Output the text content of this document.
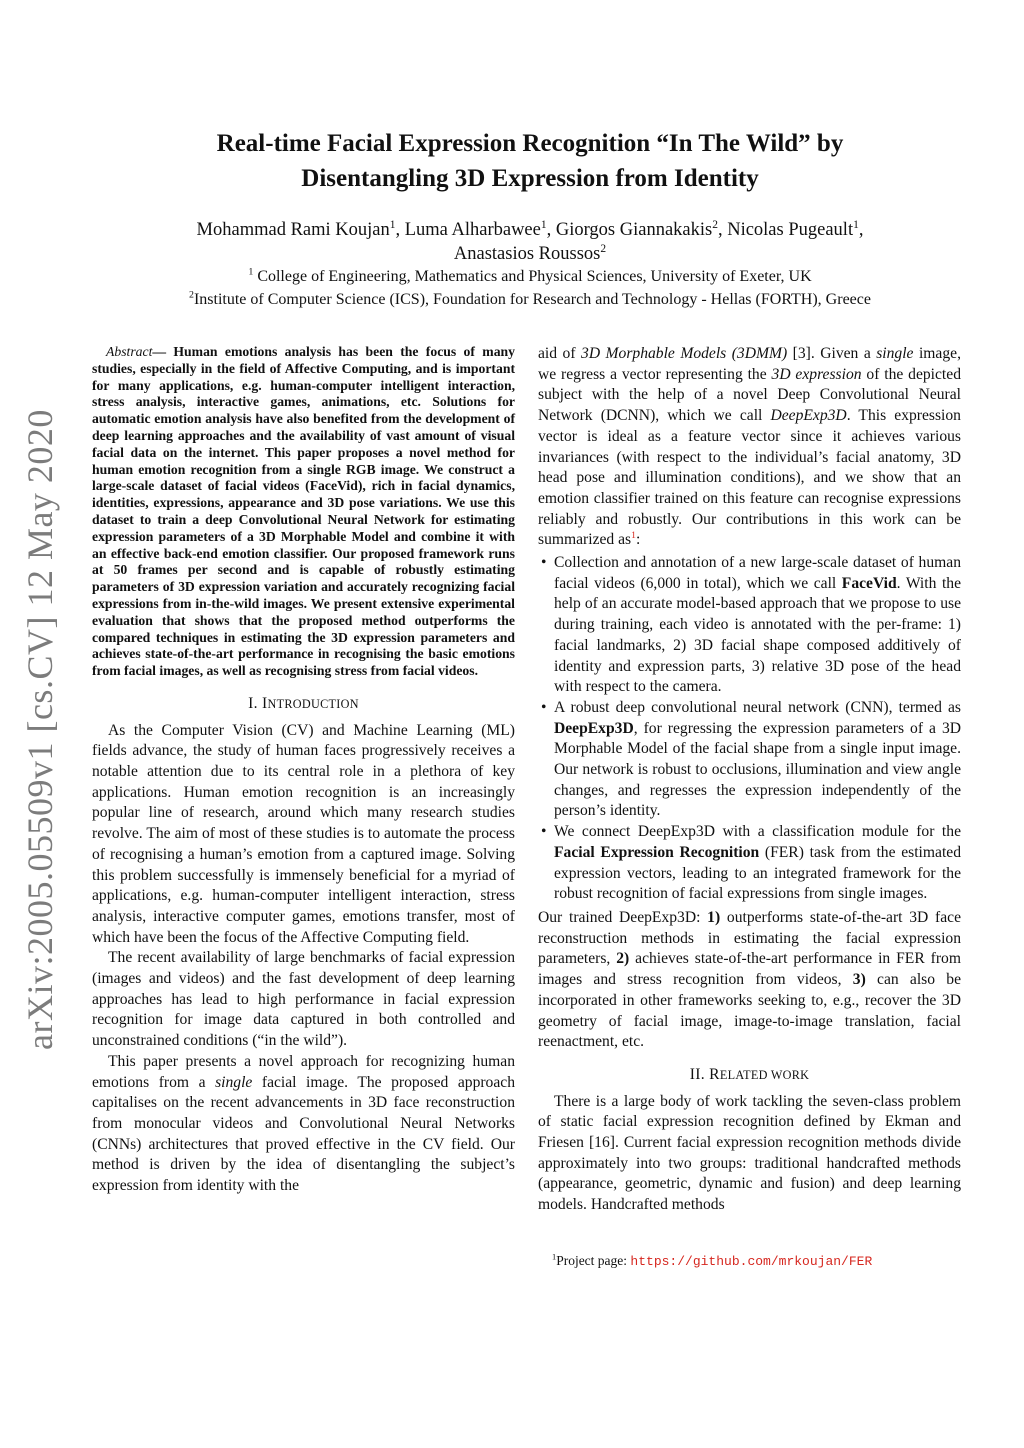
Real-time Facial Expression Recognition “In The Wild” by
Disentangling 3D Expression from Identity
Mohammad Rami Koujan$^1$, Luma Alharbawee$^1$, Giorgos Giannakakis$^2$, Nicolas Pugeault$^1$,
Anastasios Roussos$^2$
$^1$ College of Engineering, Mathematics and Physical Sciences, University of Exeter, UK
$^2$Institute of Computer Science (ICS), Foundation for Research and Technology - Hellas (FORTH), Greece
arXiv:2005.05509v1 [cs.CV] 12 May 2020

Abstract— Human emotions analysis has been the focus of many studies, especially in the field of Affective Computing, and is important for many applications, e.g. human-computer intelligent interaction, stress analysis, interactive games, animations, etc. Solutions for automatic emotion analysis have also benefited from the development of deep learning approaches and the availability of vast amount of visual facial data on the internet. This paper proposes a novel method for human emotion recognition from a single RGB image. We construct a large-scale dataset of facial videos (FaceVid), rich in facial dynamics, identities, expressions, appearance and 3D pose variations. We use this dataset to train a deep Convolutional Neural Network for estimating expression parameters of a 3D Morphable Model and combine it with an effective back-end emotion classifier. Our proposed framework runs at 50 frames per second and is capable of robustly estimating parameters of 3D expression variation and accurately recognizing facial expressions from in-the-wild images. We present extensive experimental evaluation that shows that the proposed method outperforms the compared techniques in estimating the 3D expression parameters and achieves state-of-the-art performance in recognising the basic emotions from facial images, as well as recognising stress from facial videos.

I. INTRODUCTION

As the Computer Vision (CV) and Machine Learning (ML) fields advance, the study of human faces progressively receives a notable attention due to its central role in a plethora of key applications. Human emotion recognition is an increasingly popular line of research, around which many research studies revolve. The aim of most of these studies is to automate the process of recognising a human’s emotion from a captured image. Solving this problem successfully is immensely beneficial for a myriad of applications, e.g. human-computer intelligent interaction, stress analysis, interactive computer games, emotions transfer, most of which have been the focus of the Affective Computing field.

The recent availability of large benchmarks of facial expression (images and videos) and the fast development of deep learning approaches has lead to high performance in facial expression recognition for image data captured in both controlled and unconstrained conditions (“in the wild”).

This paper presents a novel approach for recognizing human emotions from a single facial image. The proposed approach capitalises on the recent advancements in 3D face reconstruction from monocular videos and Convolutional Neural Networks (CNNs) architectures that proved effective in the CV field. Our method is driven by the idea of disentangling the subject’s expression from identity with the

aid of 3D Morphable Models (3DMM) [3]. Given a single image, we regress a vector representing the 3D expression of the depicted subject with the help of a novel Deep Convolutional Neural Network (DCNN), which we call DeepExp3D. This expression vector is ideal as a feature vector since it achieves various invariances (with respect to the individual’s facial anatomy, 3D head pose and illumination conditions), and we show that an emotion classifier trained on this feature can recognise expressions reliably and robustly. Our contributions in this work can be summarized as$^1$:

• Collection and annotation of a new large-scale dataset of human facial videos (6,000 in total), which we call FaceVid. With the help of an accurate model-based approach that we propose to use during training, each video is annotated with the per-frame: 1) facial landmarks, 2) 3D facial shape composed additively of identity and expression parts, 3) relative 3D pose of the head with respect to the camera.
• A robust deep convolutional neural network (CNN), termed as DeepExp3D, for regressing the expression parameters of a 3D Morphable Model of the facial shape from a single input image. Our network is robust to occlusions, illumination and view angle changes, and regresses the expression independently of the person’s identity.
• We connect DeepExp3D with a classification module for the Facial Expression Recognition (FER) task from the estimated expression vectors, leading to an integrated framework for the robust recognition of facial expressions from single images.

Our trained DeepExp3D: 1) outperforms state-of-the-art 3D face reconstruction methods in estimating the facial expression parameters, 2) achieves state-of-the-art performance in FER from images and stress recognition from videos, 3) can also be incorporated in other frameworks seeking to, e.g., recover the 3D geometry of facial image, image-to-image translation, facial reenactment, etc.

II. RELATED WORK

There is a large body of work tackling the seven-class problem of static facial expression recognition defined by Ekman and Friesen [16]. Current facial expression recognition methods divide approximately into two groups: traditional handcrafted methods (appearance, geometric, dynamic and fusion) and deep learning models. Handcrafted methods

$^1$Project page: https://github.com/mrkoujan/FER
